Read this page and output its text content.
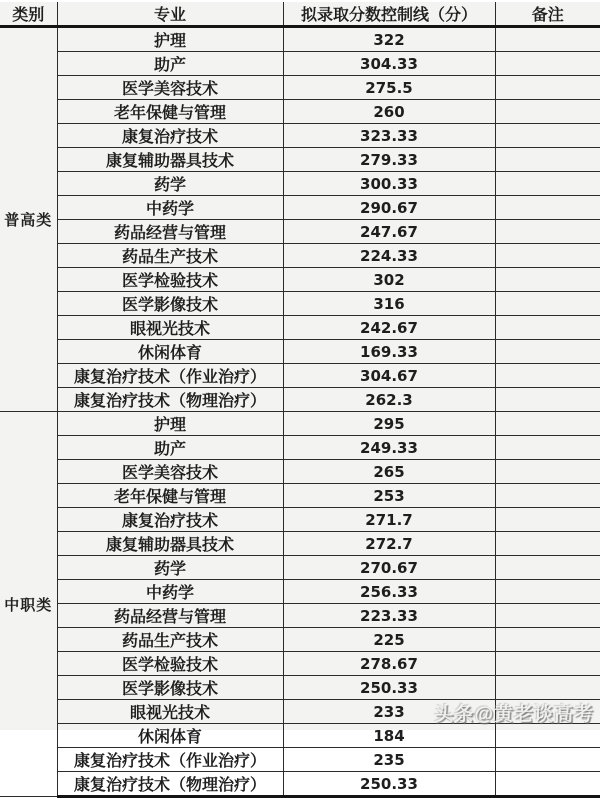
类别	专业	拟录取分数控制线（分）	备注
普高类	护理	322	
	助产	304.33	
	医学美容技术	275.5	
	老年保健与管理	260	
	康复治疗技术	323.33	
	康复辅助器具技术	279.33	
	药学	300.33	
	中药学	290.67	
	药品经营与管理	247.67	
	药品生产技术	224.33	
	医学检验技术	302	
	医学影像技术	316	
	眼视光技术	242.67	
	休闲体育	169.33	
	康复治疗技术（作业治疗）	304.67	
	康复治疗技术（物理治疗）	262.3	
中职类	护理	295	
	助产	249.33	
	医学美容技术	265	
	老年保健与管理	253	
	康复治疗技术	271.7	
	康复辅助器具技术	272.7	
	药学	270.67	
	中药学	256.33	
	药品经营与管理	223.33	
	药品生产技术	225	
	医学检验技术	278.67	
	医学影像技术	250.33	
	眼视光技术	233	
	休闲体育	184	
	康复治疗技术（作业治疗）	235	
	康复治疗技术（物理治疗）	250.33	
头条@黄老谈高考
